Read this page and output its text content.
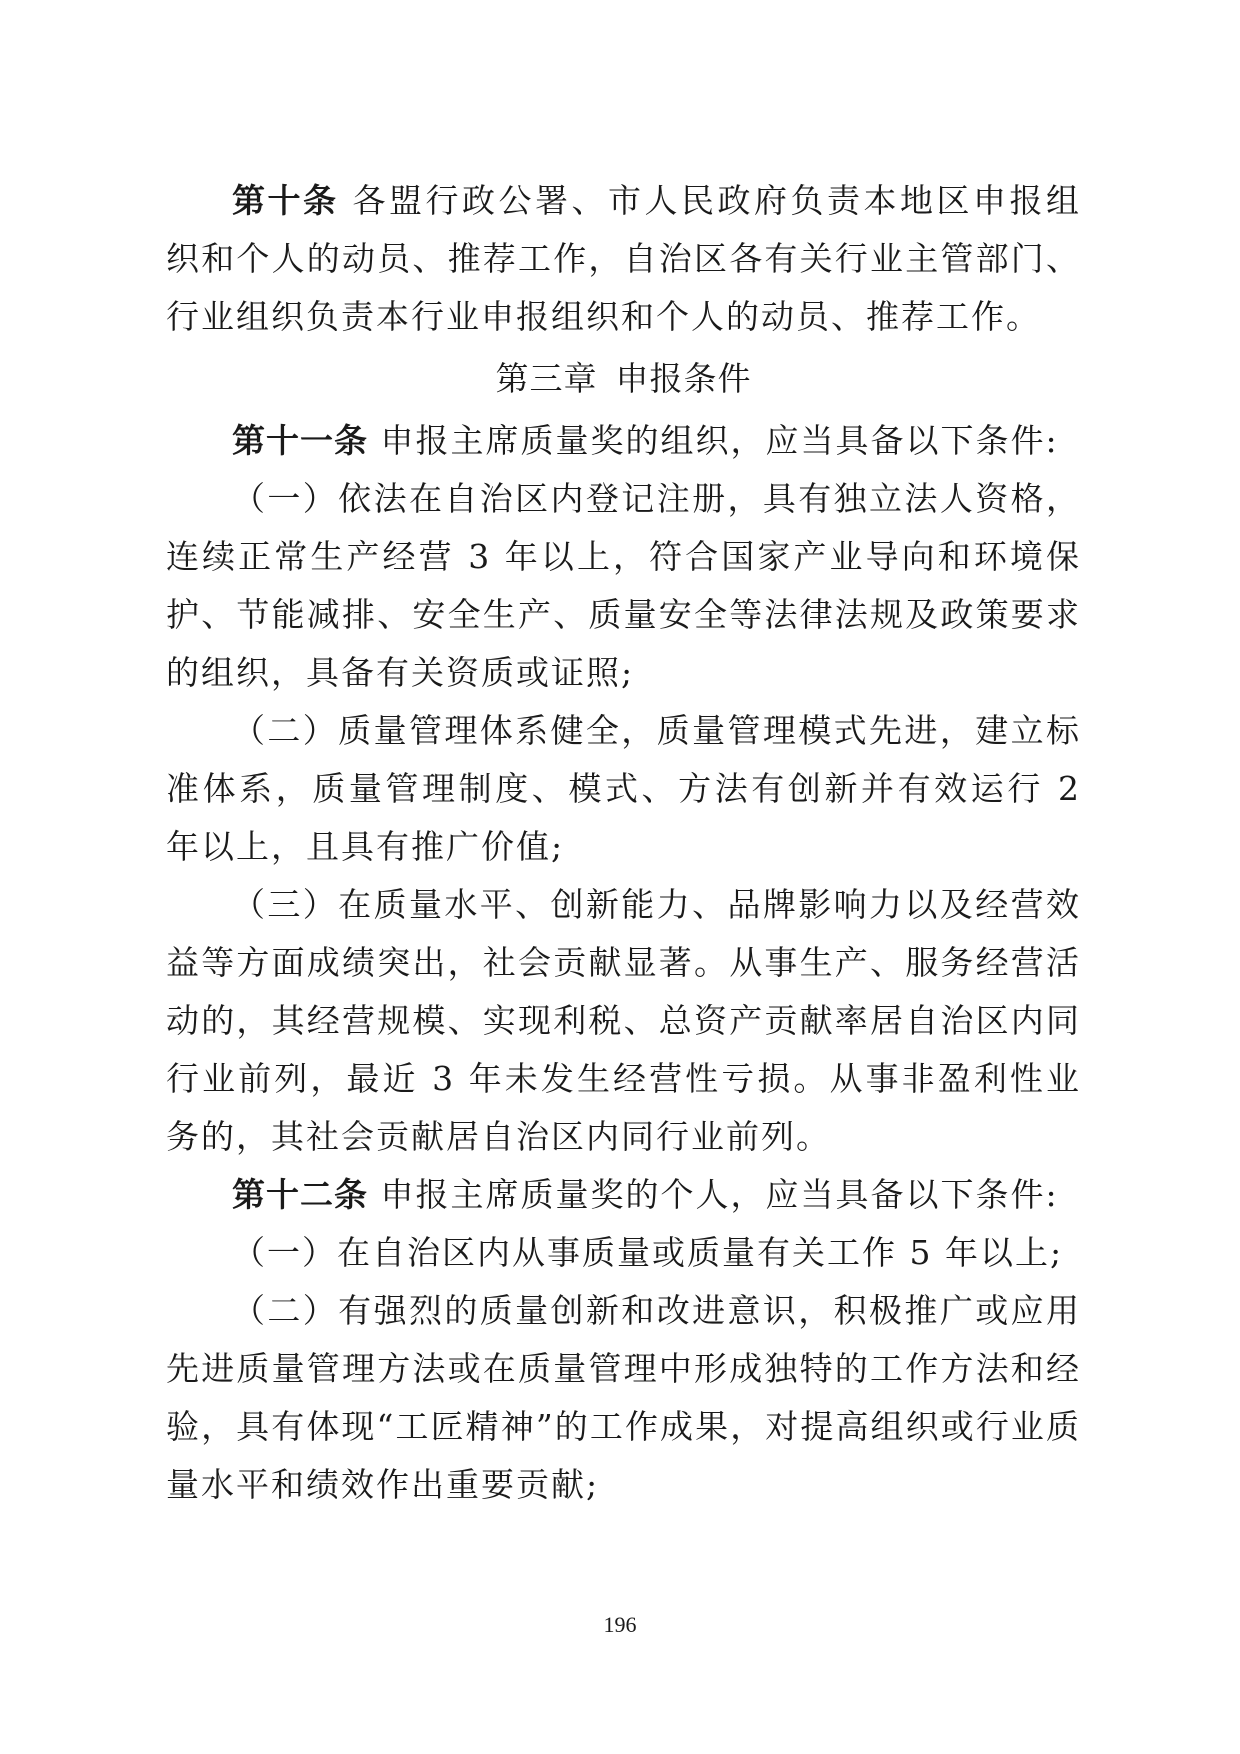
第十条 各盟行政公署、市人民政府负责本地区申报组织和个人的动员、推荐工作，自治区各有关行业主管部门、行业组织负责本行业申报组织和个人的动员、推荐工作。

第三章 申报条件

第十一条 申报主席质量奖的组织，应当具备以下条件:

（一）依法在自治区内登记注册，具有独立法人资格，连续正常生产经营 3 年以上，符合国家产业导向和环境保护、节能减排、安全生产、质量安全等法律法规及政策要求的组织，具备有关资质或证照;

（二）质量管理体系健全，质量管理模式先进，建立标准体系，质量管理制度、模式、方法有创新并有效运行 2 年以上，且具有推广价值;

（三）在质量水平、创新能力、品牌影响力以及经营效益等方面成绩突出，社会贡献显著。从事生产、服务经营活动的，其经营规模、实现利税、总资产贡献率居自治区内同行业前列，最近 3 年未发生经营性亏损。从事非盈利性业务的，其社会贡献居自治区内同行业前列。

第十二条 申报主席质量奖的个人，应当具备以下条件:

（一）在自治区内从事质量或质量有关工作 5 年以上;

（二）有强烈的质量创新和改进意识，积极推广或应用先进质量管理方法或在质量管理中形成独特的工作方法和经验，具有体现“工匠精神”的工作成果，对提高组织或行业质量水平和绩效作出重要贡献;

196
